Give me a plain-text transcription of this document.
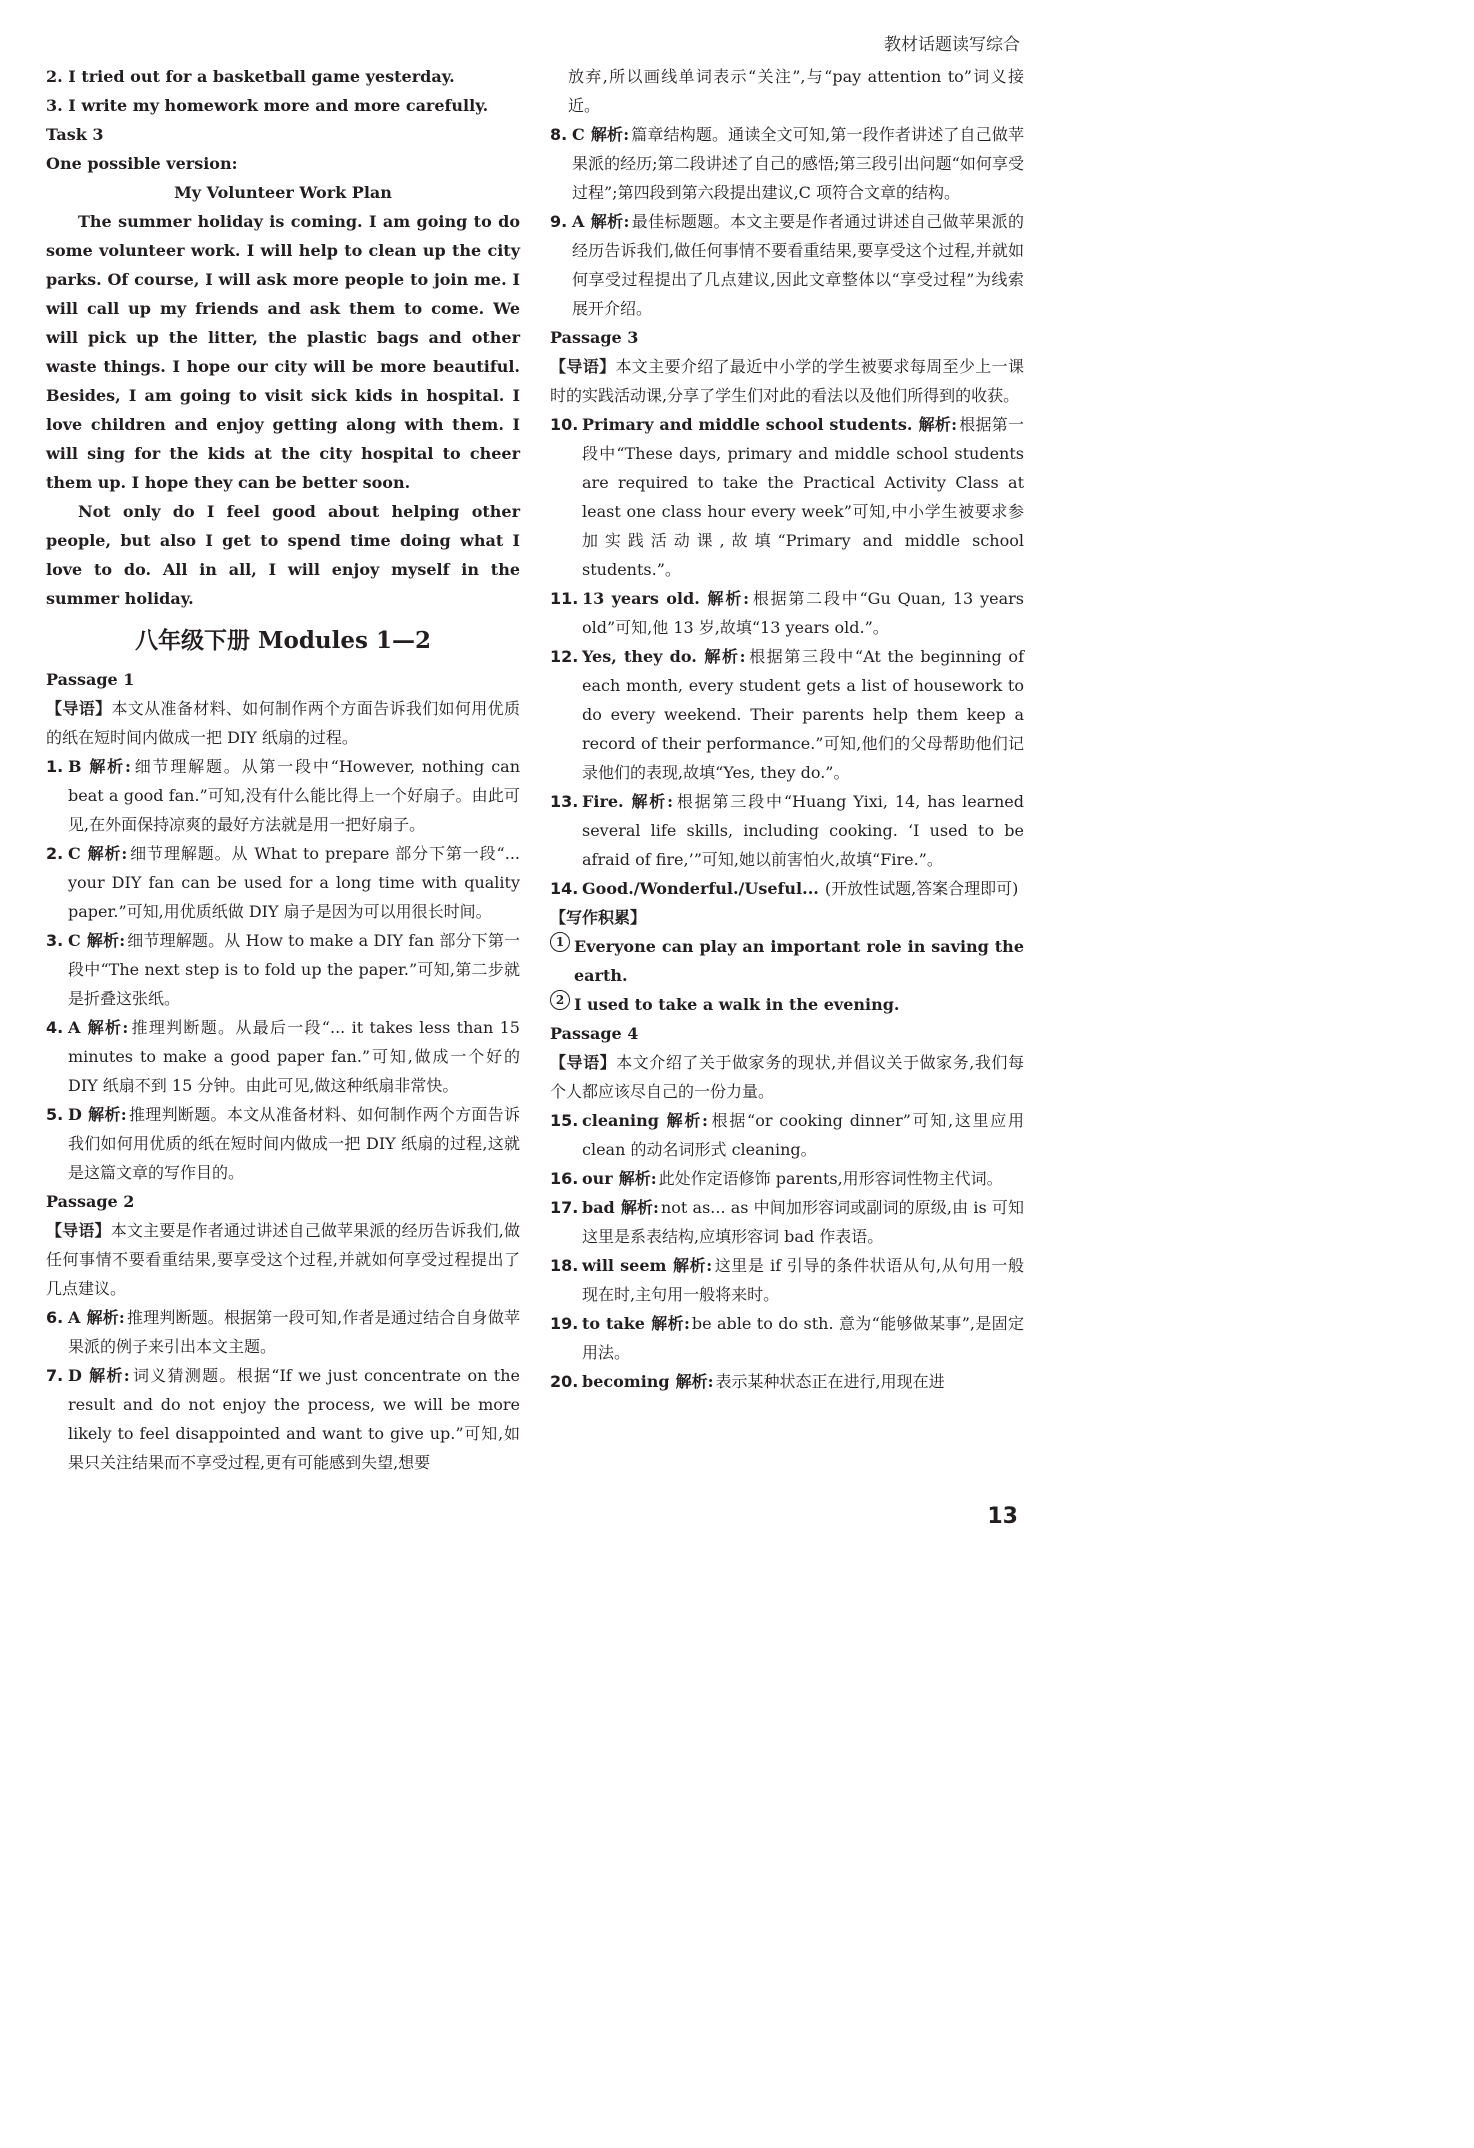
教材话题读写综合

2. I tried out for a basketball game yesterday.

3. I write my homework more and more carefully.

Task 3

One possible version:

My Volunteer Work Plan

The summer holiday is coming. I am going to do some volunteer work. I will help to clean up the city parks. Of course, I will ask more people to join me. I will call up my friends and ask them to come. We will pick up the litter, the plastic bags and other waste things. I hope our city will be more beautiful. Besides, I am going to visit sick kids in hospital. I love children and enjoy getting along with them. I will sing for the kids at the city hospital to cheer them up. I hope they can be better soon.

Not only do I feel good about helping other people, but also I get to spend time doing what I love to do. All in all, I will enjoy myself in the summer holiday.

八年级下册 Modules 1—2

Passage 1

【导语】本文从准备材料、如何制作两个方面告诉我们如何用优质的纸在短时间内做成一把 DIY 纸扇的过程。

1. B 解析: 细节理解题。从第一段中“However, nothing can beat a good fan.”可知,没有什么能比得上一个好扇子。由此可见,在外面保持凉爽的最好方法就是用一把好扇子。
2. C 解析: 细节理解题。从 What to prepare 部分下第一段“... your DIY fan can be used for a long time with quality paper.”可知,用优质纸做 DIY 扇子是因为可以用很长时间。
3. C 解析: 细节理解题。从 How to make a DIY fan 部分下第一段中“The next step is to fold up the paper.”可知,第二步就是折叠这张纸。
4. A 解析: 推理判断题。从最后一段“... it takes less than 15 minutes to make a good paper fan.”可知,做成一个好的 DIY 纸扇不到 15 分钟。由此可见,做这种纸扇非常快。
5. D 解析: 推理判断题。本文从准备材料、如何制作两个方面告诉我们如何用优质的纸在短时间内做成一把 DIY 纸扇的过程,这就是这篇文章的写作目的。

Passage 2

【导语】本文主要是作者通过讲述自己做苹果派的经历告诉我们,做任何事情不要看重结果,要享受这个过程,并就如何享受过程提出了几点建议。

6. A 解析: 推理判断题。根据第一段可知,作者是通过结合自身做苹果派的例子来引出本文主题。
7. D 解析: 词义猜测题。根据“If we just concentrate on the result and do not enjoy the process, we will be more likely to feel disappointed and want to give up.”可知,如果只关注结果而不享受过程,更有可能感到失望,想要

放弃,所以画线单词表示“关注”,与“pay attention to”词义接近。

8. C 解析: 篇章结构题。通读全文可知,第一段作者讲述了自己做苹果派的经历;第二段讲述了自己的感悟;第三段引出问题“如何享受过程”;第四段到第六段提出建议,C 项符合文章的结构。
9. A 解析: 最佳标题题。本文主要是作者通过讲述自己做苹果派的经历告诉我们,做任何事情不要看重结果,要享受这个过程,并就如何享受过程提出了几点建议,因此文章整体以“享受过程”为线索展开介绍。

Passage 3

【导语】本文主要介绍了最近中小学的学生被要求每周至少上一课时的实践活动课,分享了学生们对此的看法以及他们所得到的收获。

10. Primary and middle school students. 解析: 根据第一段中“These days, primary and middle school students are required to take the Practical Activity Class at least one class hour every week”可知,中小学生被要求参加实践活动课,故填“Primary and middle school students.”。
11. 13 years old. 解析: 根据第二段中“Gu Quan, 13 years old”可知,他 13 岁,故填“13 years old.”。
12. Yes, they do. 解析: 根据第三段中“At the beginning of each month, every student gets a list of housework to do every weekend. Their parents help them keep a record of their performance.”可知,他们的父母帮助他们记录他们的表现,故填“Yes, they do.”。
13. Fire. 解析: 根据第三段中“Huang Yixi, 14, has learned several life skills, including cooking. ‘I used to be afraid of fire,’”可知,她以前害怕火,故填“Fire.”。
14. Good./Wonderful./Useful... (开放性试题,答案合理即可)

【写作积累】

1 Everyone can play an important role in saving the earth.
2 I used to take a walk in the evening.

Passage 4

【导语】本文介绍了关于做家务的现状,并倡议关于做家务,我们每个人都应该尽自己的一份力量。

15. cleaning 解析: 根据“or cooking dinner”可知,这里应用 clean 的动名词形式 cleaning。
16. our 解析: 此处作定语修饰 parents,用形容词性物主代词。
17. bad 解析: not as... as 中间加形容词或副词的原级,由 is 可知这里是系表结构,应填形容词 bad 作表语。
18. will seem 解析: 这里是 if 引导的条件状语从句,从句用一般现在时,主句用一般将来时。
19. to take 解析: be able to do sth. 意为“能够做某事”,是固定用法。
20. becoming 解析: 表示某种状态正在进行,用现在进
13
